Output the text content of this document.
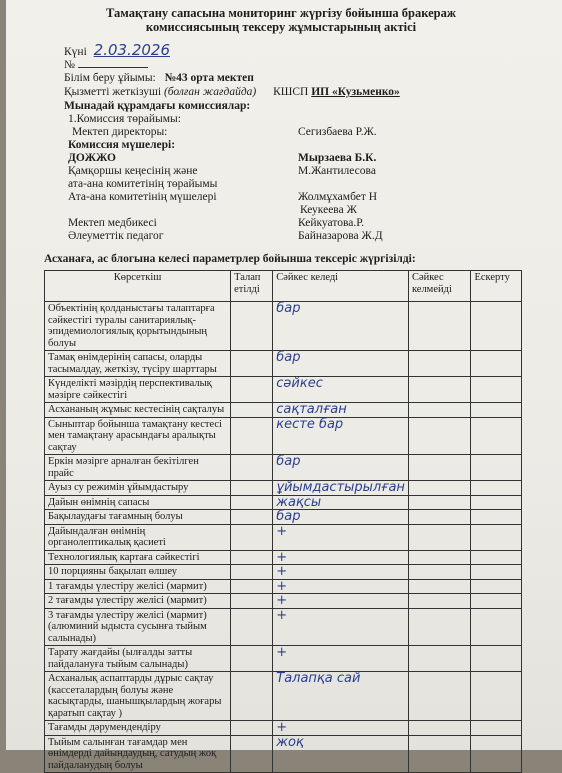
Тамақтану сапасына мониторинг жүргізу бойынша бракераж
комиссиясының тексеру жұмыстарының актісі
Күні 2.03.2026
№
Білім беру ұйымы: №43 орта мектеп
Қызметті жеткізуші (болған жағдайда) КШСП ИП «Кузьменко»
Мынадай құрамдағы комиссиялар:
1.Комиссия төрайымы:
Мектеп директоры:	Сегизбаева Р.Ж.
Комиссия мүшелері:
ДОЖЖО	Мырзаева Б.К.
Қамқоршы кеңесінің және	М.Жантилесова
ата-ана комитетінің төрайымы
Ата-ана комитетінің мүшелері	Жолмұхамбет Н
Кеукеева Ж
Мектеп медбикесі	Кейкуатова.Р.
Әлеуметтік педагог	Байназарова Ж.Д
Асханаға, ас блогына келесі параметрлер бойынша тексеріс жүргізілді:
Көрсеткіш	Талап етілді	Сәйкес келеді	Сәйкес келмейді	Ескерту
Объектінің қолданыстағы талаптарға сәйкестігі туралы санитариялық-эпидемиологиялық қорытындының болуы		бар		
Тамақ өнімдерінің сапасы, оларды тасымалдау, жеткізу, түсіру шарттары		бар		
Күнделікті мәзірдің перспективалық мәзірге сәйкестігі		сәйкес		
Асхананың жұмыс кестесінің сақталуы		сақталған		
Сыныптар бойынша тамақтану кестесі мен тамақтану арасындағы аралықты сақтау		кесте бар		
Еркін мәзірге арналған бекітілген прайс		бар		
Ауыз су режимін ұйымдастыру		ұйымдастырылған		
Дайын өнімнің сапасы		жақсы		
Бақылаудағы тағамның болуы		бар		
Дайындалған өнімнің органолептикалық қасиеті		+		
Технологиялық картаға сәйкестігі		+		
10 порцияны бақылап өлшеу		+		
1 тағамды үлестіру желісі (мармит)		+		
2 тағамды үлестіру желісі (мармит)		+		
3 тағамды үлестіру желісі (мармит) (алюминий ыдыста сусынға тыйым салынады)		+		
Тарату жағдайы (ылғалды затты пайдалануға тыйым салынады)		+		
Асханалық аспаптарды дұрыс сақтау (кассеталардың болуы және касықтарды, шанышқылардың жоғары қаратып сақтау )		Талапқа сай		
Тағамды дәрумендендіру		+		
Тыйым салынған тағамдар мен өнімдерді дайындаудың, сатудың жоқ пайдаланудың болуы		жоқ		
